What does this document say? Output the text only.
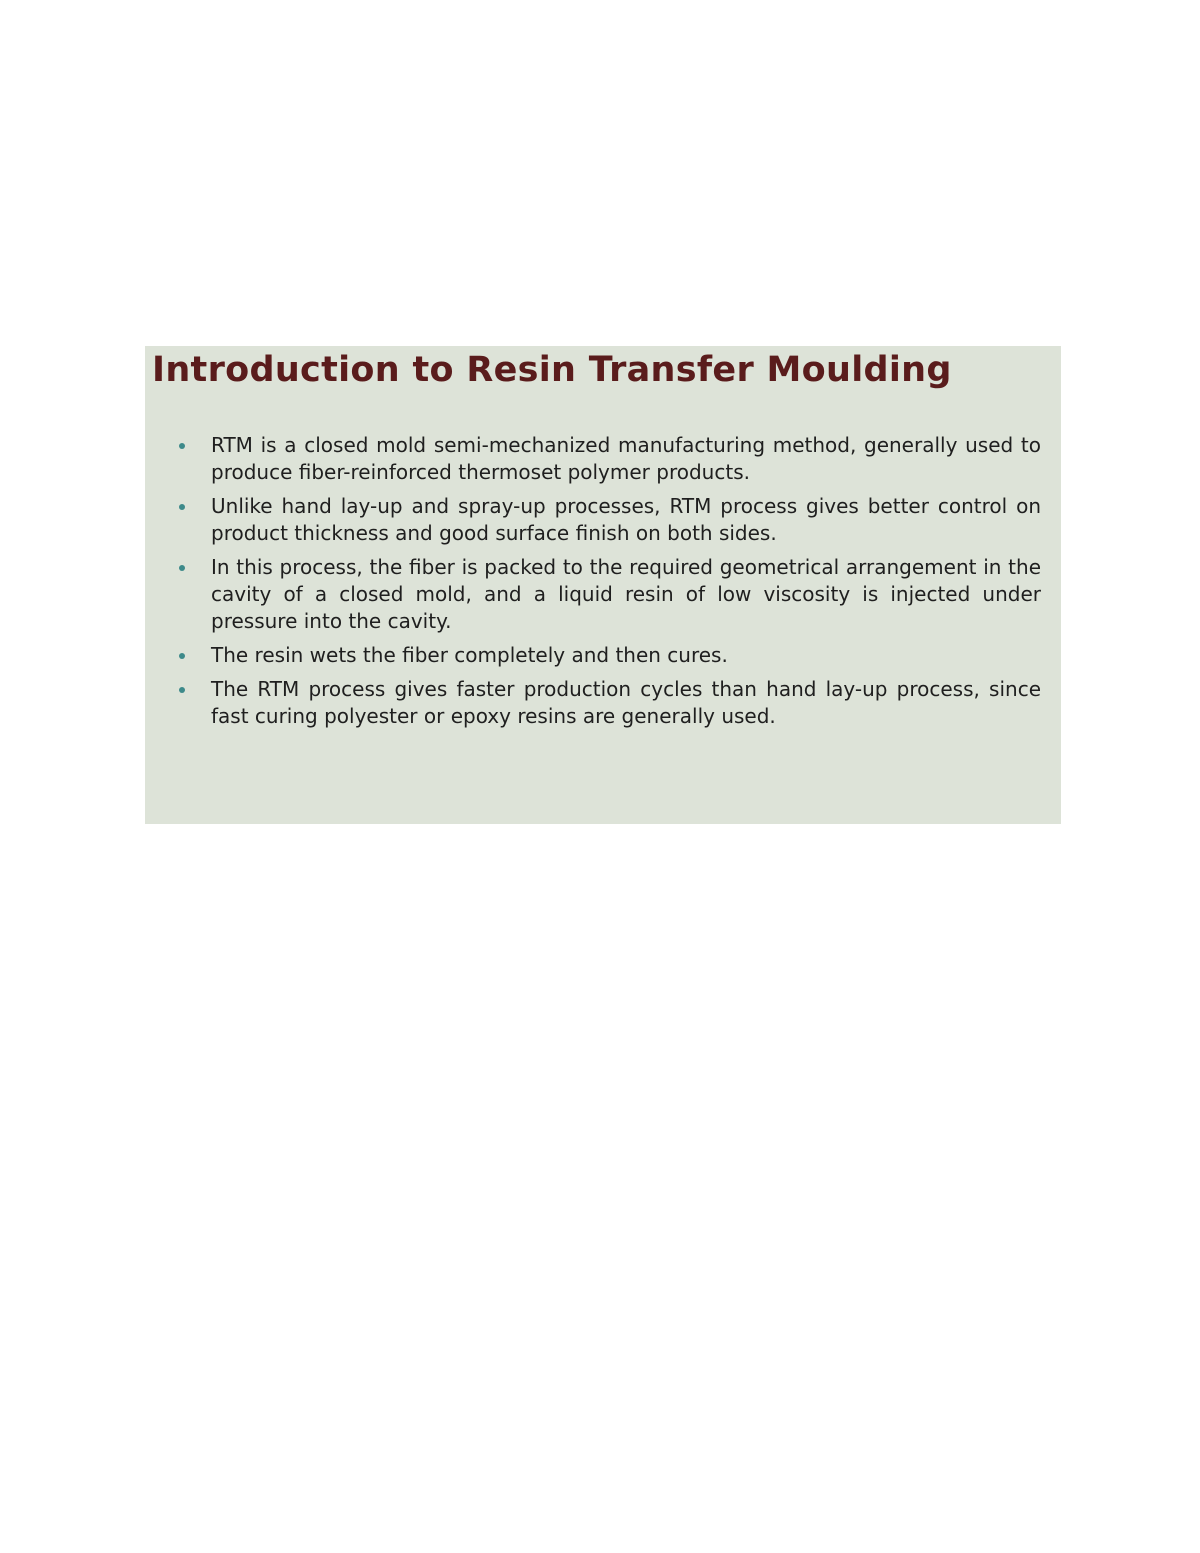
Introduction to Resin Transfer Moulding
RTM is a closed mold semi-mechanized manufacturing method, generally used to produce fiber-reinforced thermoset polymer products.
Unlike hand lay-up and spray-up processes, RTM process gives better control on product thickness and good surface finish on both sides.
In this process, the fiber is packed to the required geometrical arrangement in the cavity of a closed mold, and a liquid resin of low viscosity is injected under pressure into the cavity.
The resin wets the fiber completely and then cures.
The RTM process gives faster production cycles than hand lay-up process, since fast curing polyester or epoxy resins are generally used.
